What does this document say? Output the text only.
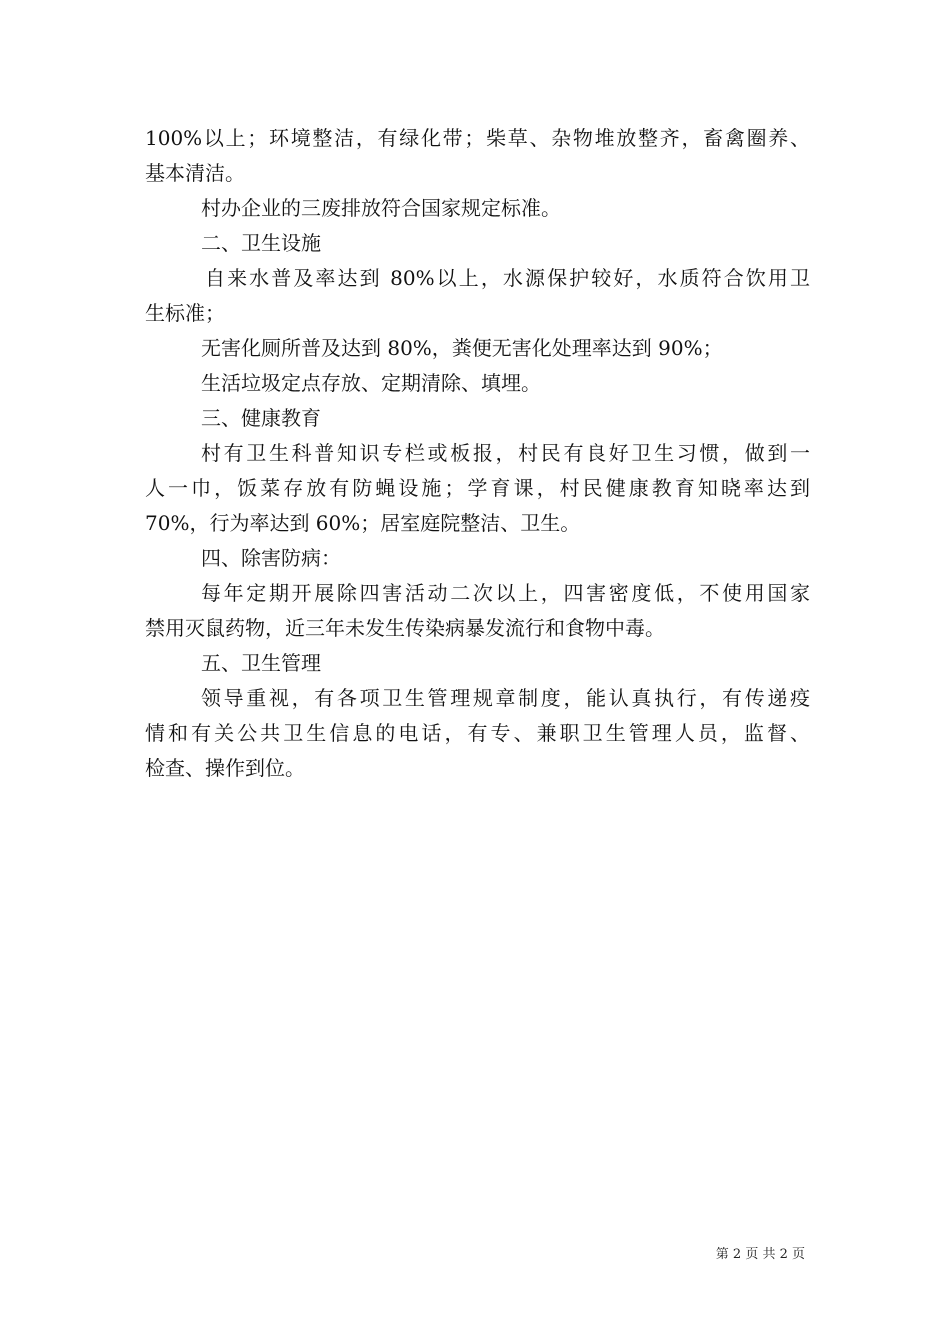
100%以上；环境整洁，有绿化带；柴草、杂物堆放整齐，畜禽圈养、
基本清洁。
村办企业的三废排放符合国家规定标准。
二、卫生设施
自来水普及率达到 80%以上，水源保护较好，水质符合饮用卫
生标准；
无害化厕所普及达到 80%，粪便无害化处理率达到 90%；
生活垃圾定点存放、定期清除、填埋。
三、健康教育
村有卫生科普知识专栏或板报，村民有良好卫生习惯，做到一
人一巾，饭菜存放有防蝇设施；学育课，村民健康教育知晓率达到
70%，行为率达到 60%；居室庭院整洁、卫生。
四、除害防病：
每年定期开展除四害活动二次以上，四害密度低，不使用国家
禁用灭鼠药物，近三年未发生传染病暴发流行和食物中毒。
五、卫生管理
领导重视，有各项卫生管理规章制度，能认真执行，有传递疫
情和有关公共卫生信息的电话，有专、兼职卫生管理人员，监督、
检查、操作到位。
第 2 页 共 2 页
